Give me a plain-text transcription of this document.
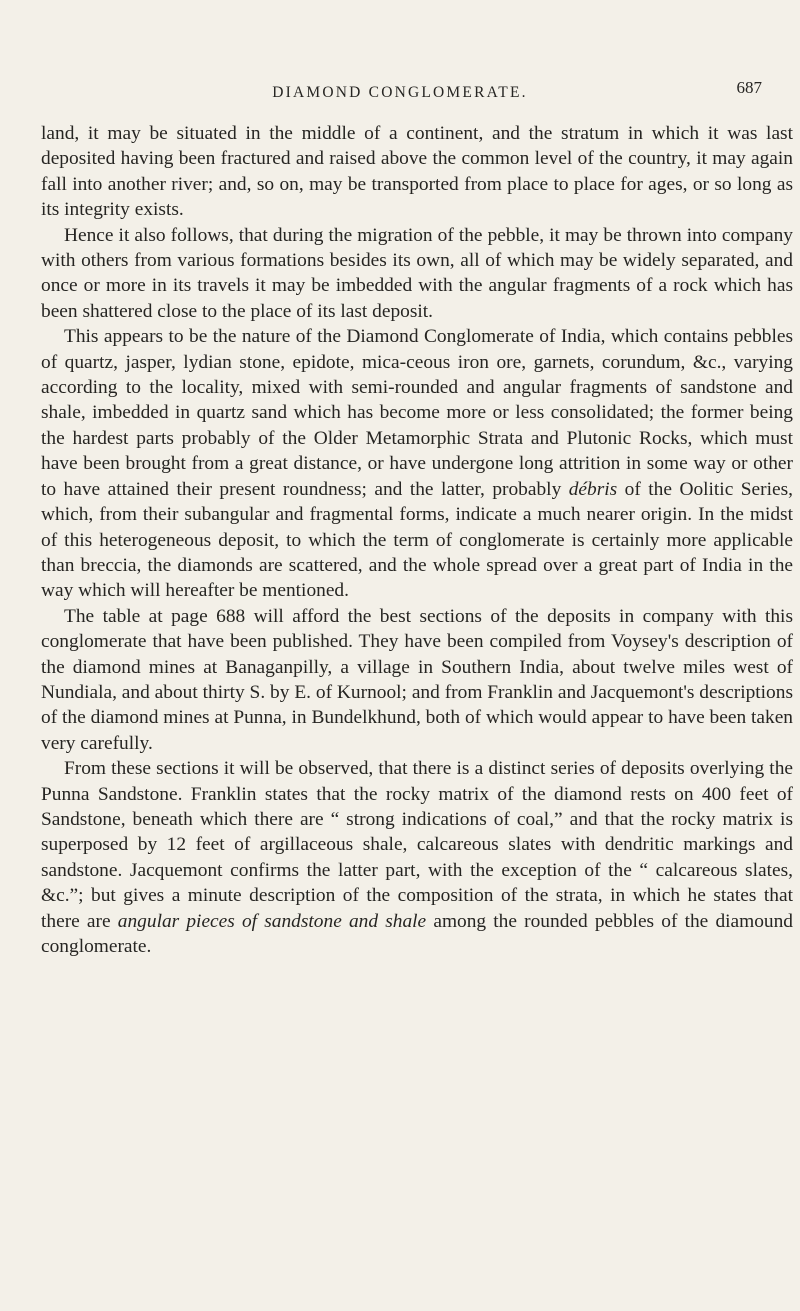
DIAMOND CONGLOMERATE.	687

land, it may be situated in the middle of a continent, and the stratum in which it was last deposited having been fractured and raised above the common level of the country, it may again fall into another river; and, so on, may be transported from place to place for ages, or so long as its integrity exists.

Hence it also follows, that during the migration of the pebble, it may be thrown into company with others from various formations besides its own, all of which may be widely separated, and once or more in its travels it may be imbedded with the angular fragments of a rock which has been shattered close to the place of its last deposit.

This appears to be the nature of the Diamond Conglomerate of India, which contains pebbles of quartz, jasper, lydian stone, epidote, mica-ceous iron ore, garnets, corundum, &c., varying according to the locality, mixed with semi-rounded and angular fragments of sandstone and shale, imbedded in quartz sand which has become more or less consolidated; the former being the hardest parts probably of the Older Metamorphic Strata and Plutonic Rocks, which must have been brought from a great distance, or have undergone long attrition in some way or other to have attained their present roundness; and the latter, probably débris of the Oolitic Series, which, from their subangular and fragmental forms, indicate a much nearer origin. In the midst of this heterogeneous deposit, to which the term of conglomerate is certainly more applicable than breccia, the diamonds are scattered, and the whole spread over a great part of India in the way which will hereafter be mentioned.

The table at page 688 will afford the best sections of the deposits in company with this conglomerate that have been published. They have been compiled from Voysey's description of the diamond mines at Banaganpilly, a village in Southern India, about twelve miles west of Nundiala, and about thirty S. by E. of Kurnool; and from Franklin and Jacquemont's descriptions of the diamond mines at Punna, in Bundelkhund, both of which would appear to have been taken very carefully.

From these sections it will be observed, that there is a distinct series of deposits overlying the Punna Sandstone. Franklin states that the rocky matrix of the diamond rests on 400 feet of Sandstone, beneath which there are “ strong indications of coal,” and that the rocky matrix is superposed by 12 feet of argillaceous shale, calcareous slates with dendritic markings and sandstone. Jacquemont confirms the latter part, with the exception of the “ calcareous slates, &c.”; but gives a minute description of the composition of the strata, in which he states that there are angular pieces of sandstone and shale among the rounded pebbles of the diamound conglomerate.
